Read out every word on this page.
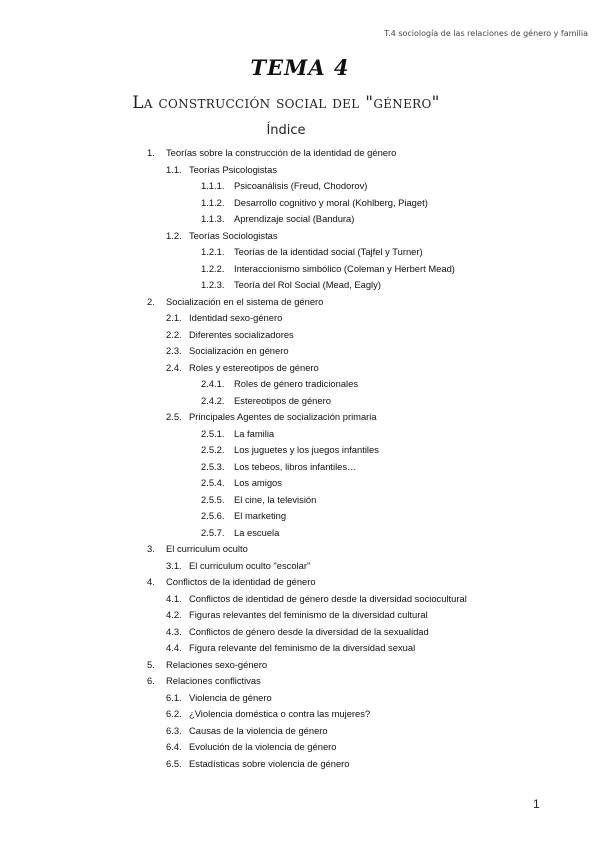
T.4 sociología de las relaciones de género y familia
TEMA 4
La construcción social del "género"
Índice
1. Teorías sobre la construcción de la identidad de género
1.1. Teorías Psicologistas
1.1.1. Psicoanálisis (Freud, Chodorov)
1.1.2. Desarrollo cognitivo y moral (Kohlberg, Piaget)
1.1.3. Aprendizaje social (Bandura)
1.2. Teorías Sociologistas
1.2.1. Teorías de la identidad social (Tajfel y Turner)
1.2.2. Interaccionismo simbólico (Coleman y Herbert Mead)
1.2.3. Teoría del Rol Social (Mead, Eagly)
2. Socialización en el sistema de género
2.1. Identidad sexo-género
2.2. Diferentes socializadores
2.3. Socialización en género
2.4. Roles y estereotipos de género
2.4.1. Roles de género tradicionales
2.4.2. Estereotipos de género
2.5. Principales Agentes de socialización primaria
2.5.1. La familia
2.5.2. Los juguetes y los juegos infantiles
2.5.3. Los tebeos, libros infantiles…
2.5.4. Los amigos
2.5.5. El cine, la televisión
2.5.6. El marketing
2.5.7. La escuela
3. El curriculum oculto
3.1. El curriculum oculto "escolar"
4. Conflictos de la identidad de género
4.1. Conflictos de identidad de género desde la diversidad sociocultural
4.2. Figuras relevantes del feminismo de la diversidad cultural
4.3. Conflictos de género desde la diversidad de la sexualidad
4.4. Figura relevante del feminismo de la diversidad sexual
5. Relaciones sexo-género
6. Relaciones conflictivas
6.1. Violencia de género
6.2. ¿Violencia doméstica o contra las mujeres?
6.3. Causas de la violencia de género
6.4. Evolución de la violencia de género
6.5. Estadísticas sobre violencia de género
1
